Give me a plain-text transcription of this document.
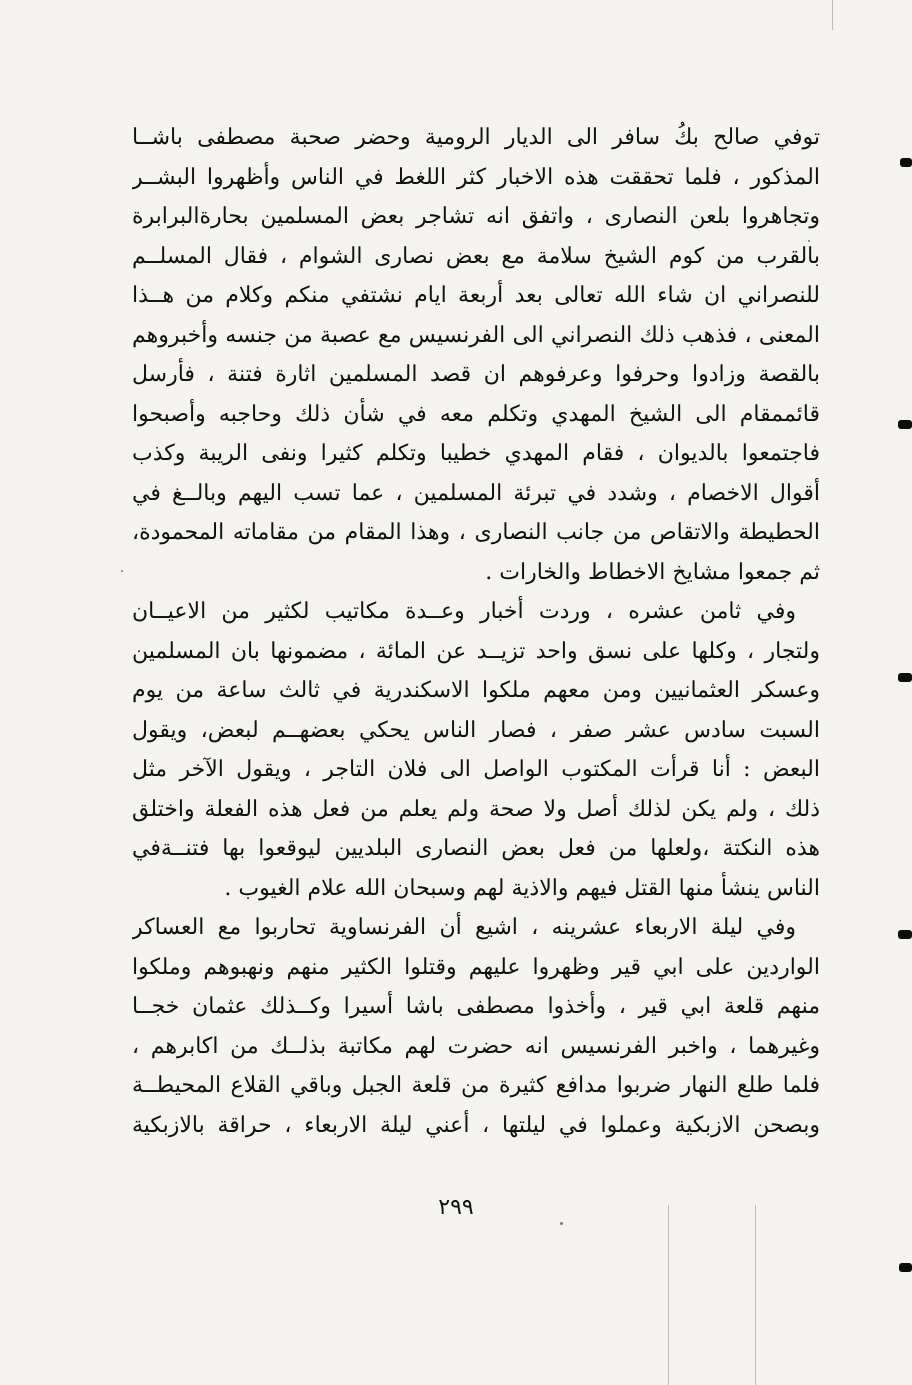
توفي صالح بكُ سافر الى الديار الرومية وحضر صحبة مصطفى باشــا
المذكور ، فلما تحققت هذه الاخبار كثر اللغط في الناس وأظهروا البشــر
وتجاهروا بلعن النصارى ، واتفق انه تشاجر بعض المسلمين بحارةالبرابرة
بالقرب من كوم الشيخ سلامة مع بعض نصارى الشوام ، فقال المسلــم
للنصراني ان شاء الله تعالى بعد أربعة ايام نشتفي منكم وكلام من هــذا
المعنى ، فذهب ذلك النصراني الى الفرنسيس مع عصبة من جنسه وأخبروهم
بالقصة وزادوا وحرفوا وعرفوهم ان قصد المسلمين اثارة فتنة ، فأرسل
قائممقام الى الشيخ المهدي وتكلم معه في شأن ذلك وحاجبه وأصبحوا
فاجتمعوا بالديوان ، فقام المهدي خطيبا وتكلم كثيرا ونفى الريبة وكذب
أقوال الاخصام ، وشدد في تبرئة المسلمين ، عما تسب اليهم وبالــغ في
الحطيطة والاتقاص من جانب النصارى ، وهذا المقام من مقاماته المحمودة،
ثم جمعوا مشايخ الاخطاط والخارات .
وفي ثامن عشره ، وردت أخبار وعــدة مكاتيب لكثير من الاعيــان
ولتجار ، وكلها على نسق واحد تزيــد عن المائة ، مضمونها بان المسلمين
وعسكر العثمانيين ومن معهم ملكوا الاسكندرية في ثالث ساعة من يوم
السبت سادس عشر صفر ، فصار الناس يحكي بعضهــم لبعض، ويقول
البعض : أنا قرأت المكتوب الواصل الى فلان التاجر ، ويقول الآخر مثل
ذلك ، ولم يكن لذلك أصل ولا صحة ولم يعلم من فعل هذه الفعلة واختلق
هذه النكتة ،ولعلها من فعل بعض النصارى البلديين ليوقعوا بها فتنــةفي
الناس ينشأ منها القتل فيهم والاذية لهم وسبحان الله علام الغيوب .
وفي ليلة الاربعاء عشرينه ، اشيع أن الفرنساوية تحاربوا مع العساكر
الواردين على ابي قير وظهروا عليهم وقتلوا الكثير منهم ونهبوهم وملكوا
منهم قلعة ابي قير ، وأخذوا مصطفى باشا أسيرا وكــذلك عثمان خجــا
وغيرهما ، واخبر الفرنسيس انه حضرت لهم مكاتبة بذلــك من اكابرهم ،
فلما طلع النهار ضربوا مدافع كثيرة من قلعة الجبل وباقي القلاع المحيطــة
وبصحن الازبكية وعملوا في ليلتها ، أعني ليلة الاربعاء ، حراقة بالازبكية
٢٩٩
